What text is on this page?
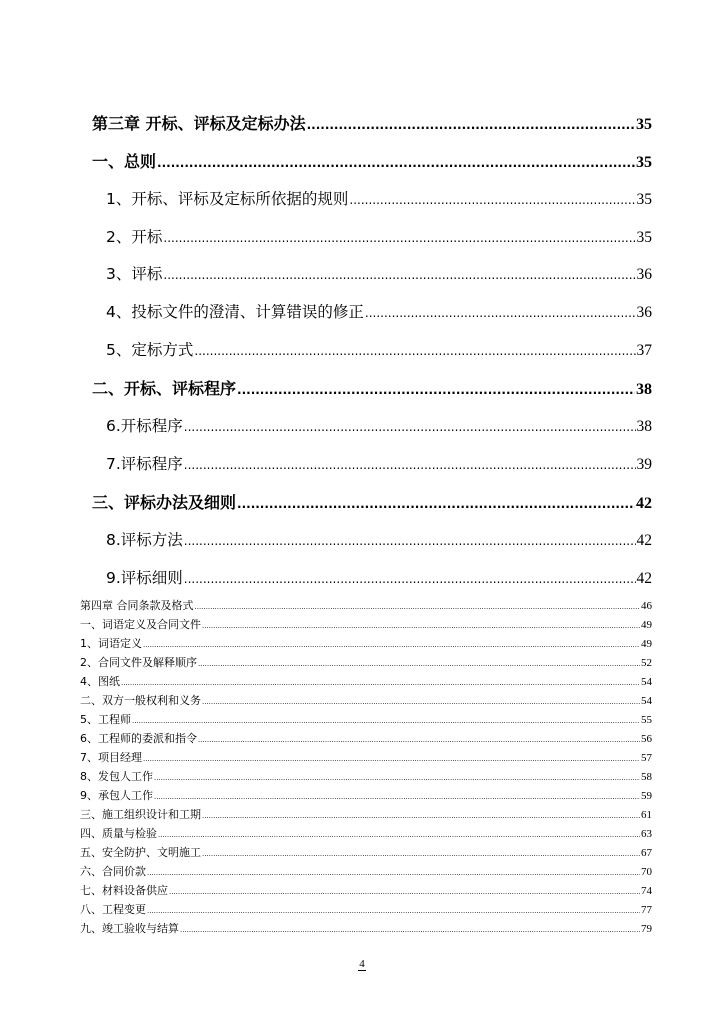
第三章 开标、评标及定标办法 .....	35
一、总则 .....	35
1、开标、评标及定标所依据的规则 .....	35
2、开标 .....	35
3、评标 .....	36
4、投标文件的澄清、计算错误的修正 .....	36
5、定标方式 .....	37
二、开标、评标程序 .....	38
6.开标程序 .....	38
7.评标程序 .....	39
三、评标办法及细则 .....	42
8.评标方法 .....	42
9.评标细则 .....	42
第四章 合同条款及格式 .....	46
一、词语定义及合同文件 .....	49
1、词语定义 .....	49
2、合同文件及解释顺序 .....	52
4、图纸 .....	54
二、双方一般权利和义务 .....	54
5、工程师 .....	55
6、工程师的委派和指令 .....	56
7、项目经理 .....	57
8、发包人工作 .....	58
9、承包人工作 .....	59
三、施工组织设计和工期 .....	61
四、质量与检验 .....	63
五、安全防护、文明施工 .....	67
六、合同价款 .....	70
七、材料设备供应 .....	74
八、工程变更 .....	77
九、竣工验收与结算 .....	79
4
